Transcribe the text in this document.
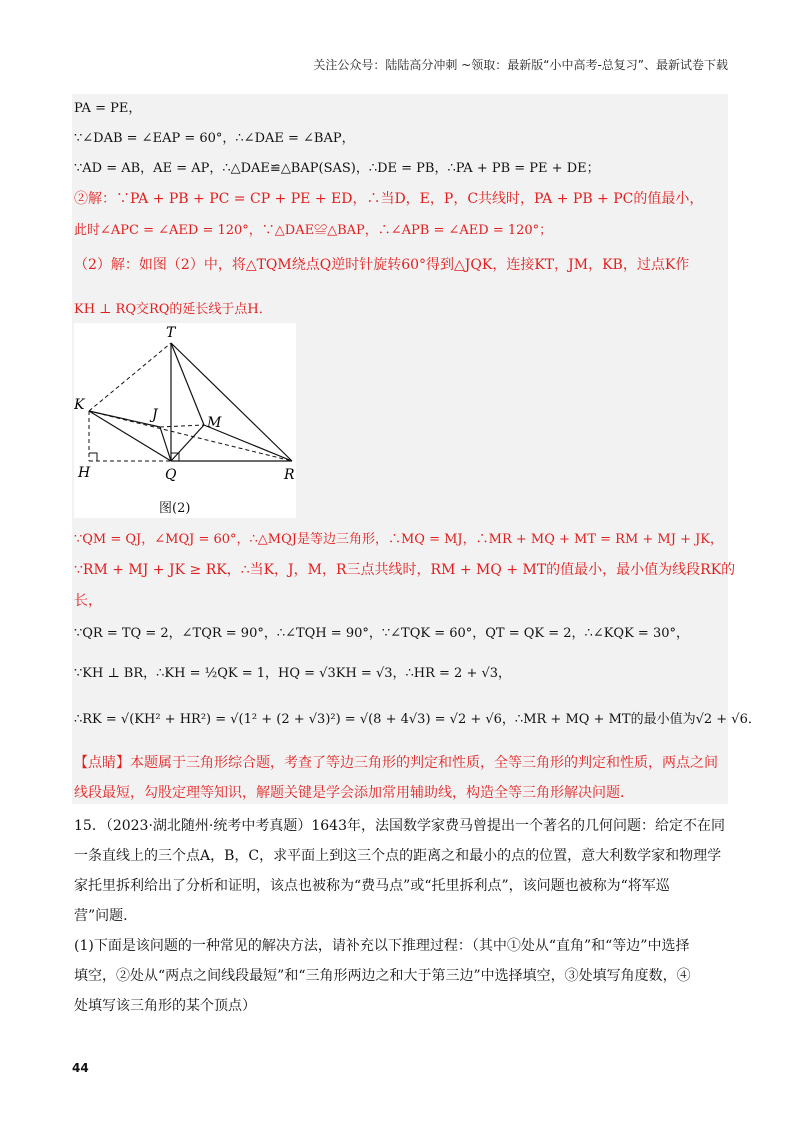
关注公众号：陆陆高分冲刺 ~领取：最新版“小中高考-总复习”、最新试卷下载
PA = PE，
∵∠DAB = ∠EAP = 60°，∴∠DAE = ∠BAP，
∵AD = AB，AE = AP，∴△DAE≌△BAP(SAS)，∴DE = PB，∴PA + PB = PE + DE；
②解：∵PA + PB + PC = CP + PE + ED，∴当D，E，P，C共线时，PA + PB + PC的值最小，
此时∠APC = ∠AED = 120°，∵△DAE≌△BAP，∴∠APB = ∠AED = 120°；
（2）解：如图（2）中，将△TQM绕点Q逆时针旋转60°得到△JQK，连接KT，JM，KB，过点K作
KH ⊥ RQ交RQ的延长线于点H．
T
K
J	M
H	Q	R
图(2)
∵QM = QJ，∠MQJ = 60°，∴△MQJ是等边三角形，∴MQ = MJ，∴MR + MQ + MT = RM + MJ + JK，
∵RM + MJ + JK ≥ RK，∴当K，J，M，R三点共线时，RM + MQ + MT的值最小，最小值为线段RK的
长，
∵QR = TQ = 2，∠TQR = 90°，∴∠TQH = 90°，∵∠TQK = 60°，QT = QK = 2，∴∠KQK = 30°，
∵KH ⊥ BR，∴KH = ½QK = 1，HQ = √3KH = √3，∴HR = 2 + √3，
∴RK = √(KH² + HR²) = √(1² + (2 + √3)²) = √(8 + 4√3) = √2 + √6，∴MR + MQ + MT的最小值为√2 + √6．
【点睛】本题属于三角形综合题，考查了等边三角形的判定和性质，全等三角形的判定和性质，两点之间
线段最短，勾股定理等知识，解题关键是学会添加常用辅助线，构造全等三角形解决问题．
15．（2023·湖北随州·统考中考真题）1643年，法国数学家费马曾提出一个著名的几何问题：给定不在同
一条直线上的三个点A，B，C，求平面上到这三个点的距离之和最小的点的位置，意大利数学家和物理学
家托里拆利给出了分析和证明，该点也被称为“费马点”或“托里拆利点”，该问题也被称为“将军巡
营”问题.
(1)下面是该问题的一种常见的解决方法，请补充以下推理过程：（其中①处从“直角”和“等边”中选择
填空，②处从“两点之间线段最短”和“三角形两边之和大于第三边”中选择填空，③处填写角度数，④
处填写该三角形的某个顶点）
44
